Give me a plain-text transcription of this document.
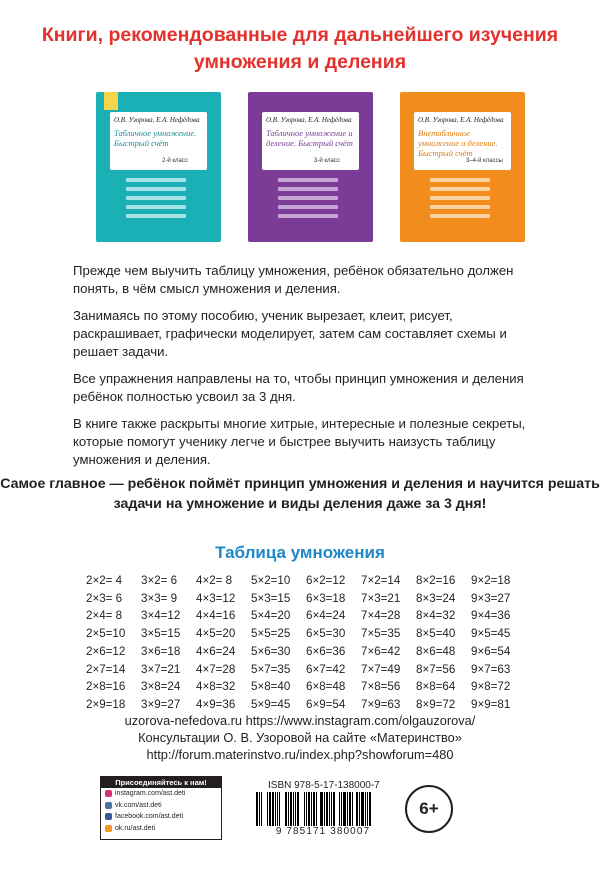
Книги, рекомендованные для дальнейшего изучения умножения и деления
О.В. Узорова, Е.А. Нефёдова
Табличное умножение. Быстрый счёт
2-й класс
О.В. Узорова, Е.А. Нефёдова
Табличное умножение и деление. Быстрый счёт
3-й класс
О.В. Узорова, Е.А. Нефёдова
Внетабличное умножение и деление. Быстрый счёт
3–4-й классы
Прежде чем выучить таблицу умножения, ребёнок обязательно должен понять, в чём смысл умножения и деления.
Занимаясь по этому пособию, ученик вырезает, клеит, рисует, раскрашивает, графически моделирует, затем сам составляет схемы и решает задачи.
Все упражнения направлены на то, чтобы принцип умножения и деления ребёнок полностью усвоил за 3 дня.
В книге также раскрыты многие хитрые, интересные и полезные секреты, которые помогут ученику легче и быстрее выучить наизусть таблицу умножения и деления.
Самое главное — ребёнок поймёт принцип умножения и деления и научится решать задачи на умножение и виды деления даже за 3 дня!
Таблица умножения
2×2= 4	3×2= 6	4×2= 8	5×2=10	6×2=12	7×2=14	8×2=16	9×2=18
2×3= 6	3×3= 9	4×3=12	5×3=15	6×3=18	7×3=21	8×3=24	9×3=27
2×4= 8	3×4=12	4×4=16	5×4=20	6×4=24	7×4=28	8×4=32	9×4=36
2×5=10	3×5=15	4×5=20	5×5=25	6×5=30	7×5=35	8×5=40	9×5=45
2×6=12	3×6=18	4×6=24	5×6=30	6×6=36	7×6=42	8×6=48	9×6=54
2×7=14	3×7=21	4×7=28	5×7=35	6×7=42	7×7=49	8×7=56	9×7=63
2×8=16	3×8=24	4×8=32	5×8=40	6×8=48	7×8=56	8×8=64	9×8=72
2×9=18	3×9=27	4×9=36	5×9=45	6×9=54	7×9=63	8×9=72	9×9=81
uzorova-nefedova.ru https://www.instagram.com/olgauzorova/
Консультации О. В. Узоровой на сайте «Материнство»
http://forum.materinstvo.ru/index.php?showforum=480
Присоединяйтесь к нам!
instagram.com/ast.deti
vk.com/ast.deti
facebook.com/ast.deti
ok.ru/ast.deti
ISBN 978-5-17-138000-7
9 785171 380007
6+
